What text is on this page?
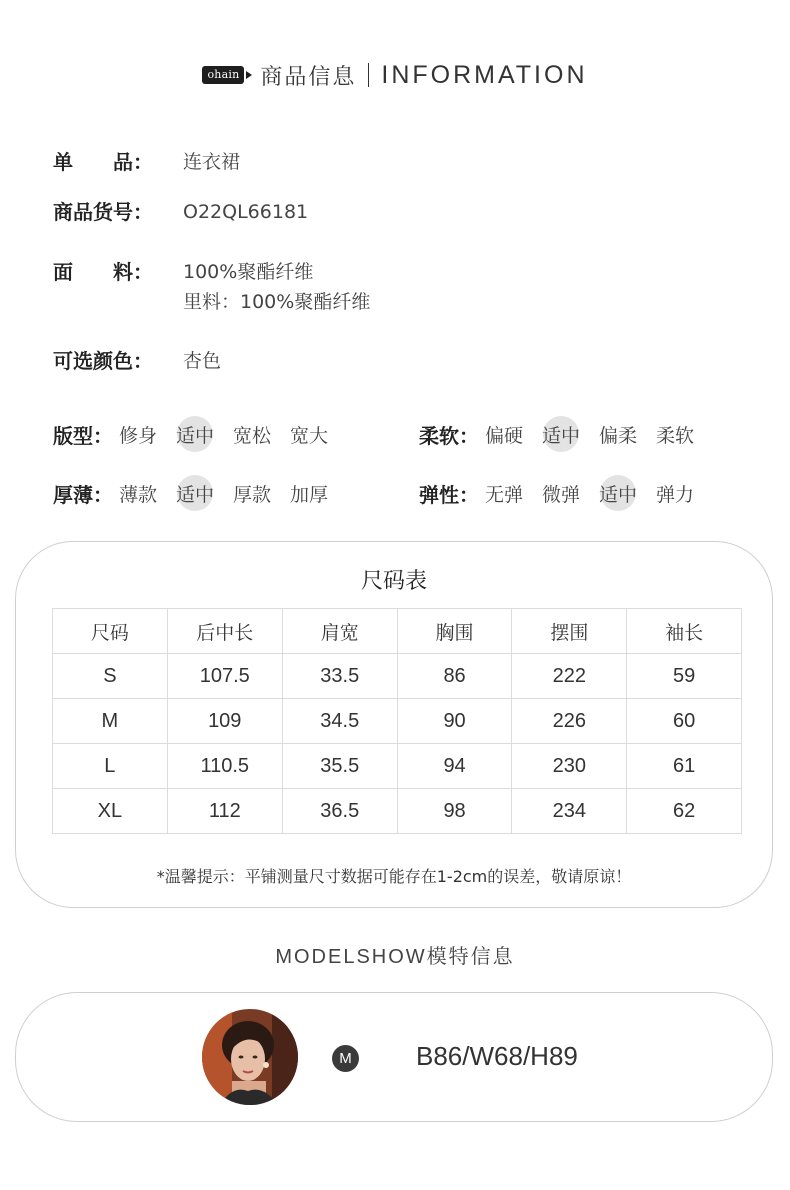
ohain 商品信息 INFORMATION
单　　品：	连衣裙
商品货号：	O22QL66181
面　　料：	100%聚酯纤维
里料：100%聚酯纤维
可选颜色：	杏色
版型： 修身 适中 宽松 宽大	柔软： 偏硬 适中 偏柔 柔软
厚薄： 薄款 适中 厚款 加厚	弹性： 无弹 微弹 适中 弹力
尺码表
尺码	后中长	肩宽	胸围	摆围	袖长
S	107.5	33.5	86	222	59
M	109	34.5	90	226	60
L	110.5	35.5	94	230	61
XL	112	36.5	98	234	62
*温馨提示：平铺测量尺寸数据可能存在1-2cm的误差，敬请原谅！
MODELSHOW模特信息
M B86/W68/H89
